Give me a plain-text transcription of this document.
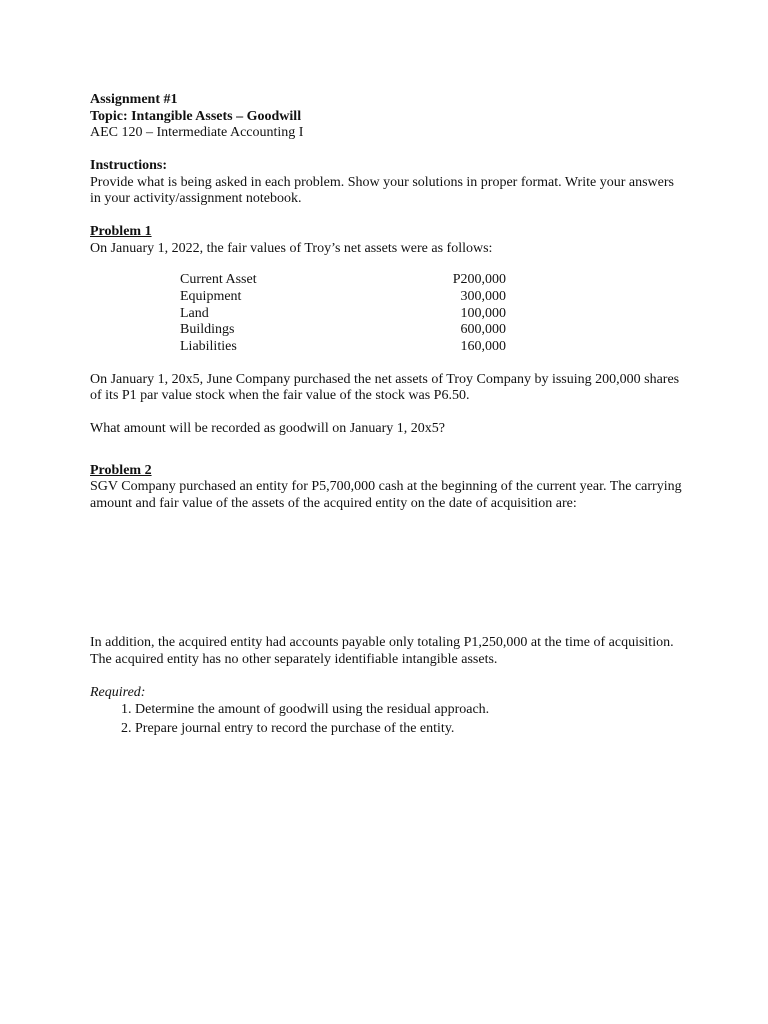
Assignment #1
Topic: Intangible Assets – Goodwill
AEC 120 – Intermediate Accounting I
Instructions:
Provide what is being asked in each problem. Show your solutions in proper format. Write your answers
in your activity/assignment notebook.
Problem 1
On January 1, 2022, the fair values of Troy’s net assets were as follows:
Current Asset	P200,000
Equipment	300,000
Land	100,000
Buildings	600,000
Liabilities	160,000
On January 1, 20x5, June Company purchased the net assets of Troy Company by issuing 200,000 shares
of its P1 par value stock when the fair value of the stock was P6.50.
What amount will be recorded as goodwill on January 1, 20x5?
Problem 2
SGV Company purchased an entity for P5,700,000 cash at the beginning of the current year. The carrying
amount and fair value of the assets of the acquired entity on the date of acquisition are:
In addition, the acquired entity had accounts payable only totaling P1,250,000 at the time of acquisition.
The acquired entity has no other separately identifiable intangible assets.
Required:
1. Determine the amount of goodwill using the residual approach.
2. Prepare journal entry to record the purchase of the entity.
